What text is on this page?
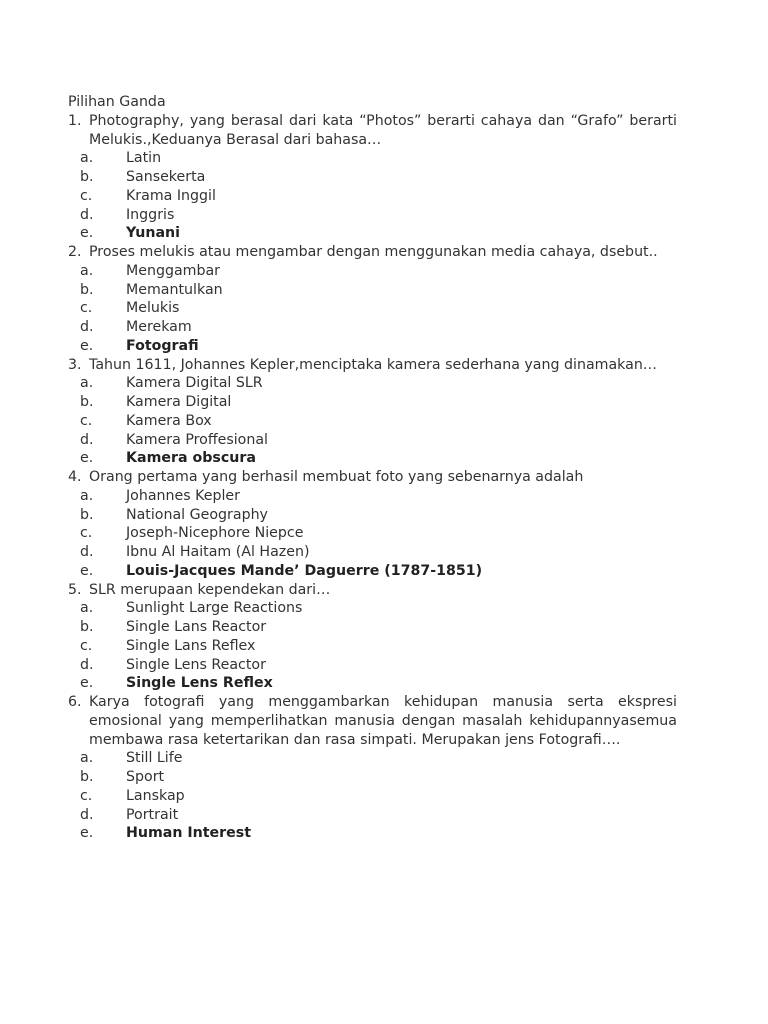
Pilihan Ganda
1. Photography, yang berasal dari kata “Photos” berarti cahaya dan “Grafo” berarti Melukis.,Keduanya Berasal dari bahasa…
a. Latin
b. Sansekerta
c. Krama Inggil
d. Inggris
e. Yunani
2. Proses melukis atau mengambar dengan menggunakan media cahaya, dsebut..
a. Menggambar
b. Memantulkan
c. Melukis
d. Merekam
e. Fotografi
3. Tahun 1611, Johannes Kepler,menciptaka kamera sederhana yang dinamakan…
a. Kamera Digital SLR
b. Kamera Digital
c. Kamera Box
d. Kamera Proffesional
e. Kamera obscura
4. Orang pertama yang berhasil membuat foto yang sebenarnya adalah
a. Johannes Kepler
b. National Geography
c. Joseph-Nicephore Niepce
d. Ibnu Al Haitam (Al Hazen)
e. Louis-Jacques Mande’ Daguerre (1787-1851)
5. SLR merupaan kependekan dari…
a. Sunlight Large Reactions
b. Single Lans Reactor
c. Single Lans Reflex
d. Single Lens Reactor
e. Single Lens Reflex
6. Karya fotografi yang menggambarkan kehidupan manusia serta ekspresi emosional yang memperlihatkan manusia dengan masalah kehidupannyasemua membawa rasa ketertarikan dan rasa simpati. Merupakan jens Fotografi….
a. Still Life
b. Sport
c. Lanskap
d. Portrait
e. Human Interest
